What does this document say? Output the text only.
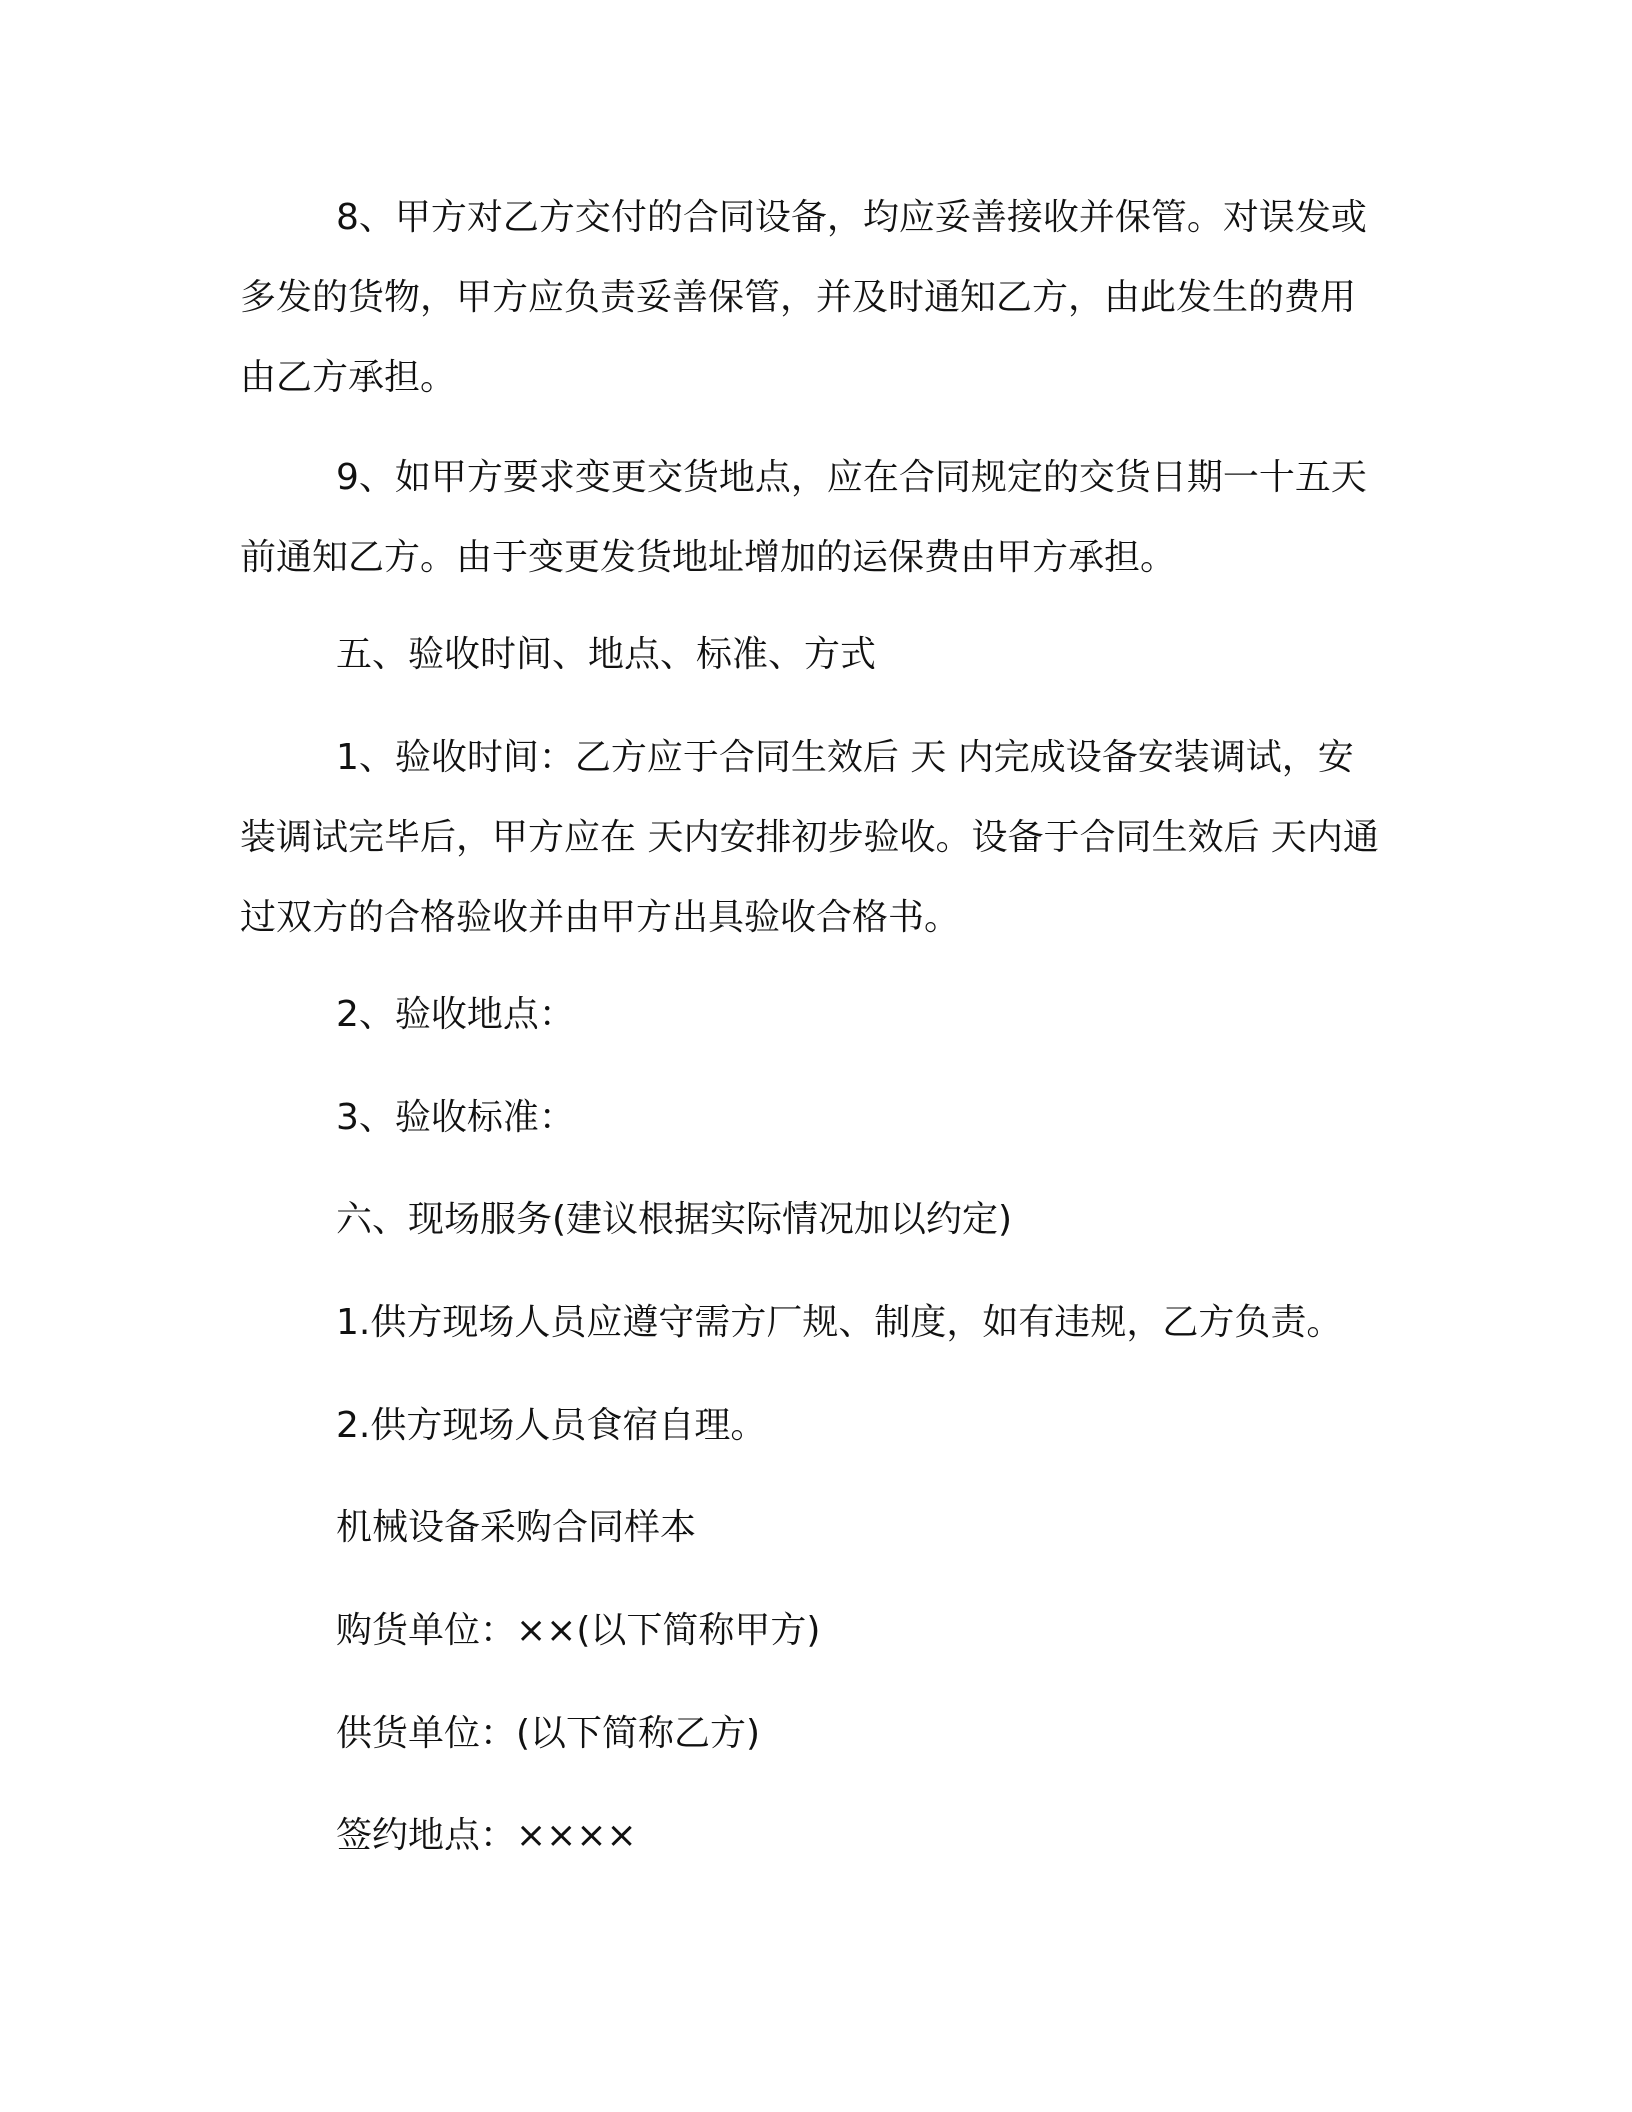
8、甲方对乙方交付的合同设备，均应妥善接收并保管。对误发或多发的货物，甲方应负责妥善保管，并及时通知乙方，由此发生的费用由乙方承担。

9、如甲方要求变更交货地点，应在合同规定的交货日期一十五天前通知乙方。由于变更发货地址增加的运保费由甲方承担。

五、验收时间、地点、标准、方式

1、验收时间：乙方应于合同生效后 天 内完成设备安装调试，安装调试完毕后，甲方应在 天内安排初步验收。设备于合同生效后 天内通过双方的合格验收并由甲方出具验收合格书。

2、验收地点：

3、验收标准：

六、现场服务(建议根据实际情况加以约定)

1.供方现场人员应遵守需方厂规、制度，如有违规，乙方负责。

2.供方现场人员食宿自理。

机械设备采购合同样本

购货单位：××(以下简称甲方)

供货单位：(以下简称乙方)

签约地点：××××
